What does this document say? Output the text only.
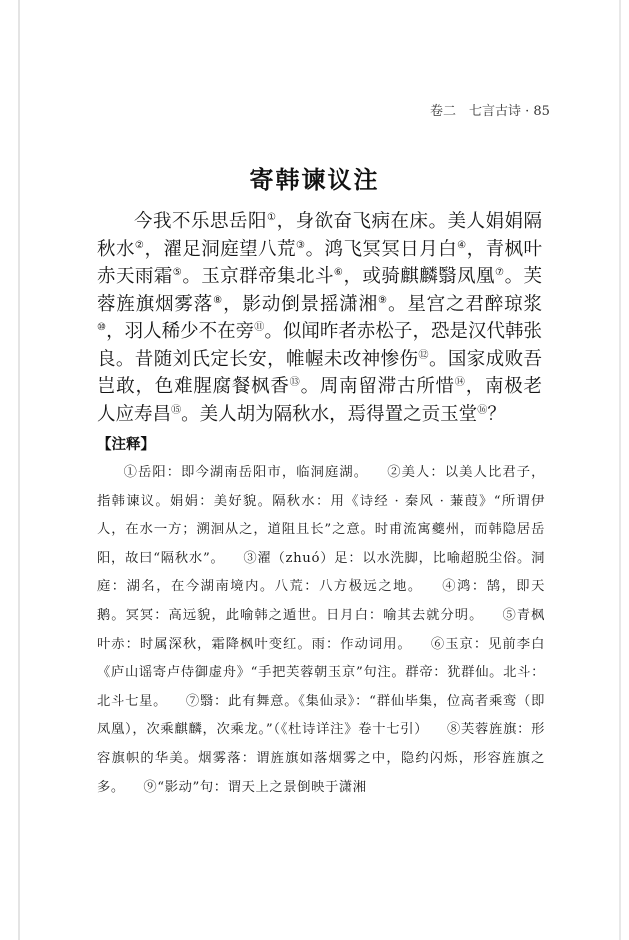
卷二　七言古诗 · 85
寄韩谏议注
今我不乐思岳阳①，身欲奋飞病在床。美人娟娟隔秋水②，濯足洞庭望八荒③。鸿飞冥冥日月白④，青枫叶赤天雨霜⑤。玉京群帝集北斗⑥，或骑麒麟翳凤凰⑦。芙蓉旌旗烟雾落⑧，影动倒景摇潇湘⑨。星宫之君醉琼浆⑩，羽人稀少不在旁⑪。似闻昨者赤松子，恐是汉代韩张良。昔随刘氏定长安，帷幄未改神惨伤⑫。国家成败吾岂敢，色难腥腐餐枫香⑬。周南留滞古所惜⑭，南极老人应寿昌⑮。美人胡为隔秋水，焉得置之贡玉堂⑯？
【注释】
①岳阳：即今湖南岳阳市，临洞庭湖。 ②美人：以美人比君子，指韩谏议。娟娟：美好貌。隔秋水：用《诗经 · 秦风 · 蒹葭》“所谓伊人，在水一方；溯洄从之，道阻且长”之意。时甫流寓夔州，而韩隐居岳阳，故曰“隔秋水”。 ③濯（zhuó）足：以水洗脚，比喻超脱尘俗。洞庭：湖名，在今湖南境内。八荒：八方极远之地。 ④鸿：鹄，即天鹅。冥冥：高远貌，此喻韩之遁世。日月白：喻其去就分明。 ⑤青枫叶赤：时属深秋，霜降枫叶变红。雨：作动词用。 ⑥玉京：见前李白《庐山谣寄卢侍御虚舟》“手把芙蓉朝玉京”句注。群帝：犹群仙。北斗：北斗七星。 ⑦翳：此有舞意。《集仙录》：“群仙毕集，位高者乘鸾（即凤凰），次乘麒麟，次乘龙。”（《杜诗详注》卷十七引） ⑧芙蓉旌旗：形容旗帜的华美。烟雾落：谓旌旗如落烟雾之中，隐约闪烁，形容旌旗之多。 ⑨“影动”句：谓天上之景倒映于潇湘
